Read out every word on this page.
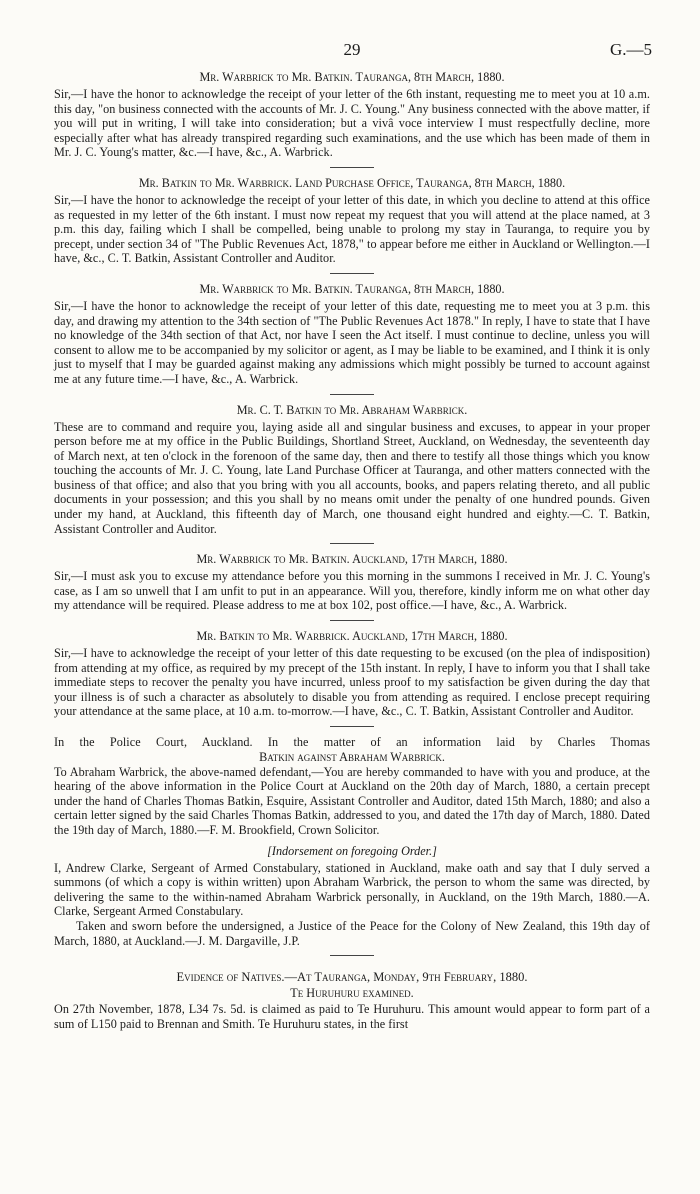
29	G.—5

Mr. Warbrick to Mr. Batkin. Tauranga, 8th March, 1880.

Sir,—I have the honor to acknowledge the receipt of your letter of the 6th instant, requesting me to meet you at 10 a.m. this day, "on business connected with the accounts of Mr. J. C. Young." Any business connected with the above matter, if you will put in writing, I will take into consideration; but a vivâ voce interview I must respectfully decline, more especially after what has already transpired regarding such examinations, and the use which has been made of them in Mr. J. C. Young's matter, &c.—I have, &c., A. Warbrick.

Mr. Batkin to Mr. Warbrick. Land Purchase Office, Tauranga, 8th March, 1880.

Sir,—I have the honor to acknowledge the receipt of your letter of this date, in which you decline to attend at this office as requested in my letter of the 6th instant. I must now repeat my request that you will attend at the place named, at 3 p.m. this day, failing which I shall be compelled, being unable to prolong my stay in Tauranga, to require you by precept, under section 34 of "The Public Revenues Act, 1878," to appear before me either in Auckland or Wellington.—I have, &c., C. T. Batkin, Assistant Controller and Auditor.

Mr. Warbrick to Mr. Batkin. Tauranga, 8th March, 1880.

Sir,—I have the honor to acknowledge the receipt of your letter of this date, requesting me to meet you at 3 p.m. this day, and drawing my attention to the 34th section of "The Public Revenues Act 1878." In reply, I have to state that I have no knowledge of the 34th section of that Act, nor have I seen the Act itself. I must continue to decline, unless you will consent to allow me to be accompanied by my solicitor or agent, as I may be liable to be examined, and I think it is only just to myself that I may be guarded against making any admissions which might possibly be turned to account against me at any future time.—I have, &c., A. Warbrick.

Mr. C. T. Batkin to Mr. Abraham Warbrick.

These are to command and require you, laying aside all and singular business and excuses, to appear in your proper person before me at my office in the Public Buildings, Shortland Street, Auckland, on Wednesday, the seventeenth day of March next, at ten o'clock in the forenoon of the same day, then and there to testify all those things which you know touching the accounts of Mr. J. C. Young, late Land Purchase Officer at Tauranga, and other matters connected with the business of that office; and also that you bring with you all accounts, books, and papers relating thereto, and all public documents in your possession; and this you shall by no means omit under the penalty of one hundred pounds. Given under my hand, at Auckland, this fifteenth day of March, one thousand eight hundred and eighty.—C. T. Batkin, Assistant Controller and Auditor.

Mr. Warbrick to Mr. Batkin. Auckland, 17th March, 1880.

Sir,—I must ask you to excuse my attendance before you this morning in the summons I received in Mr. J. C. Young's case, as I am so unwell that I am unfit to put in an appearance. Will you, therefore, kindly inform me on what other day my attendance will be required. Please address to me at box 102, post office.—I have, &c., A. Warbrick.

Mr. Batkin to Mr. Warbrick. Auckland, 17th March, 1880.

Sir,—I have to acknowledge the receipt of your letter of this date requesting to be excused (on the plea of indisposition) from attending at my office, as required by my precept of the 15th instant. In reply, I have to inform you that I shall take immediate steps to recover the penalty you have incurred, unless proof to my satisfaction be given during the day that your illness is of such a character as absolutely to disable you from attending as required. I enclose precept requiring your attendance at the same place, at 10 a.m. to-morrow.—I have, &c., C. T. Batkin, Assistant Controller and Auditor.

In the Police Court, Auckland. In the matter of an information laid by Charles Thomas

Batkin against Abraham Warbrick.

To Abraham Warbrick, the above-named defendant,—You are hereby commanded to have with you and produce, at the hearing of the above information in the Police Court at Auckland on the 20th day of March, 1880, a certain precept under the hand of Charles Thomas Batkin, Esquire, Assistant Controller and Auditor, dated 15th March, 1880; and also a certain letter signed by the said Charles Thomas Batkin, addressed to you, and dated the 17th day of March, 1880. Dated the 19th day of March, 1880.—F. M. Brookfield, Crown Solicitor.

[Indorsement on foregoing Order.]

I, Andrew Clarke, Sergeant of Armed Constabulary, stationed in Auckland, make oath and say that I duly served a summons (of which a copy is within written) upon Abraham Warbrick, the person to whom the same was directed, by delivering the same to the within-named Abraham Warbrick personally, in Auckland, on the 19th March, 1880.—A. Clarke, Sergeant Armed Constabulary.

Taken and sworn before the undersigned, a Justice of the Peace for the Colony of New Zealand, this 19th day of March, 1880, at Auckland.—J. M. Dargaville, J.P.

Evidence of Natives.—At Tauranga, Monday, 9th February, 1880.

Te Huruhuru examined.

On 27th November, 1878, L34 7s. 5d. is claimed as paid to Te Huruhuru. This amount would appear to form part of a sum of L150 paid to Brennan and Smith. Te Huruhuru states, in the first
